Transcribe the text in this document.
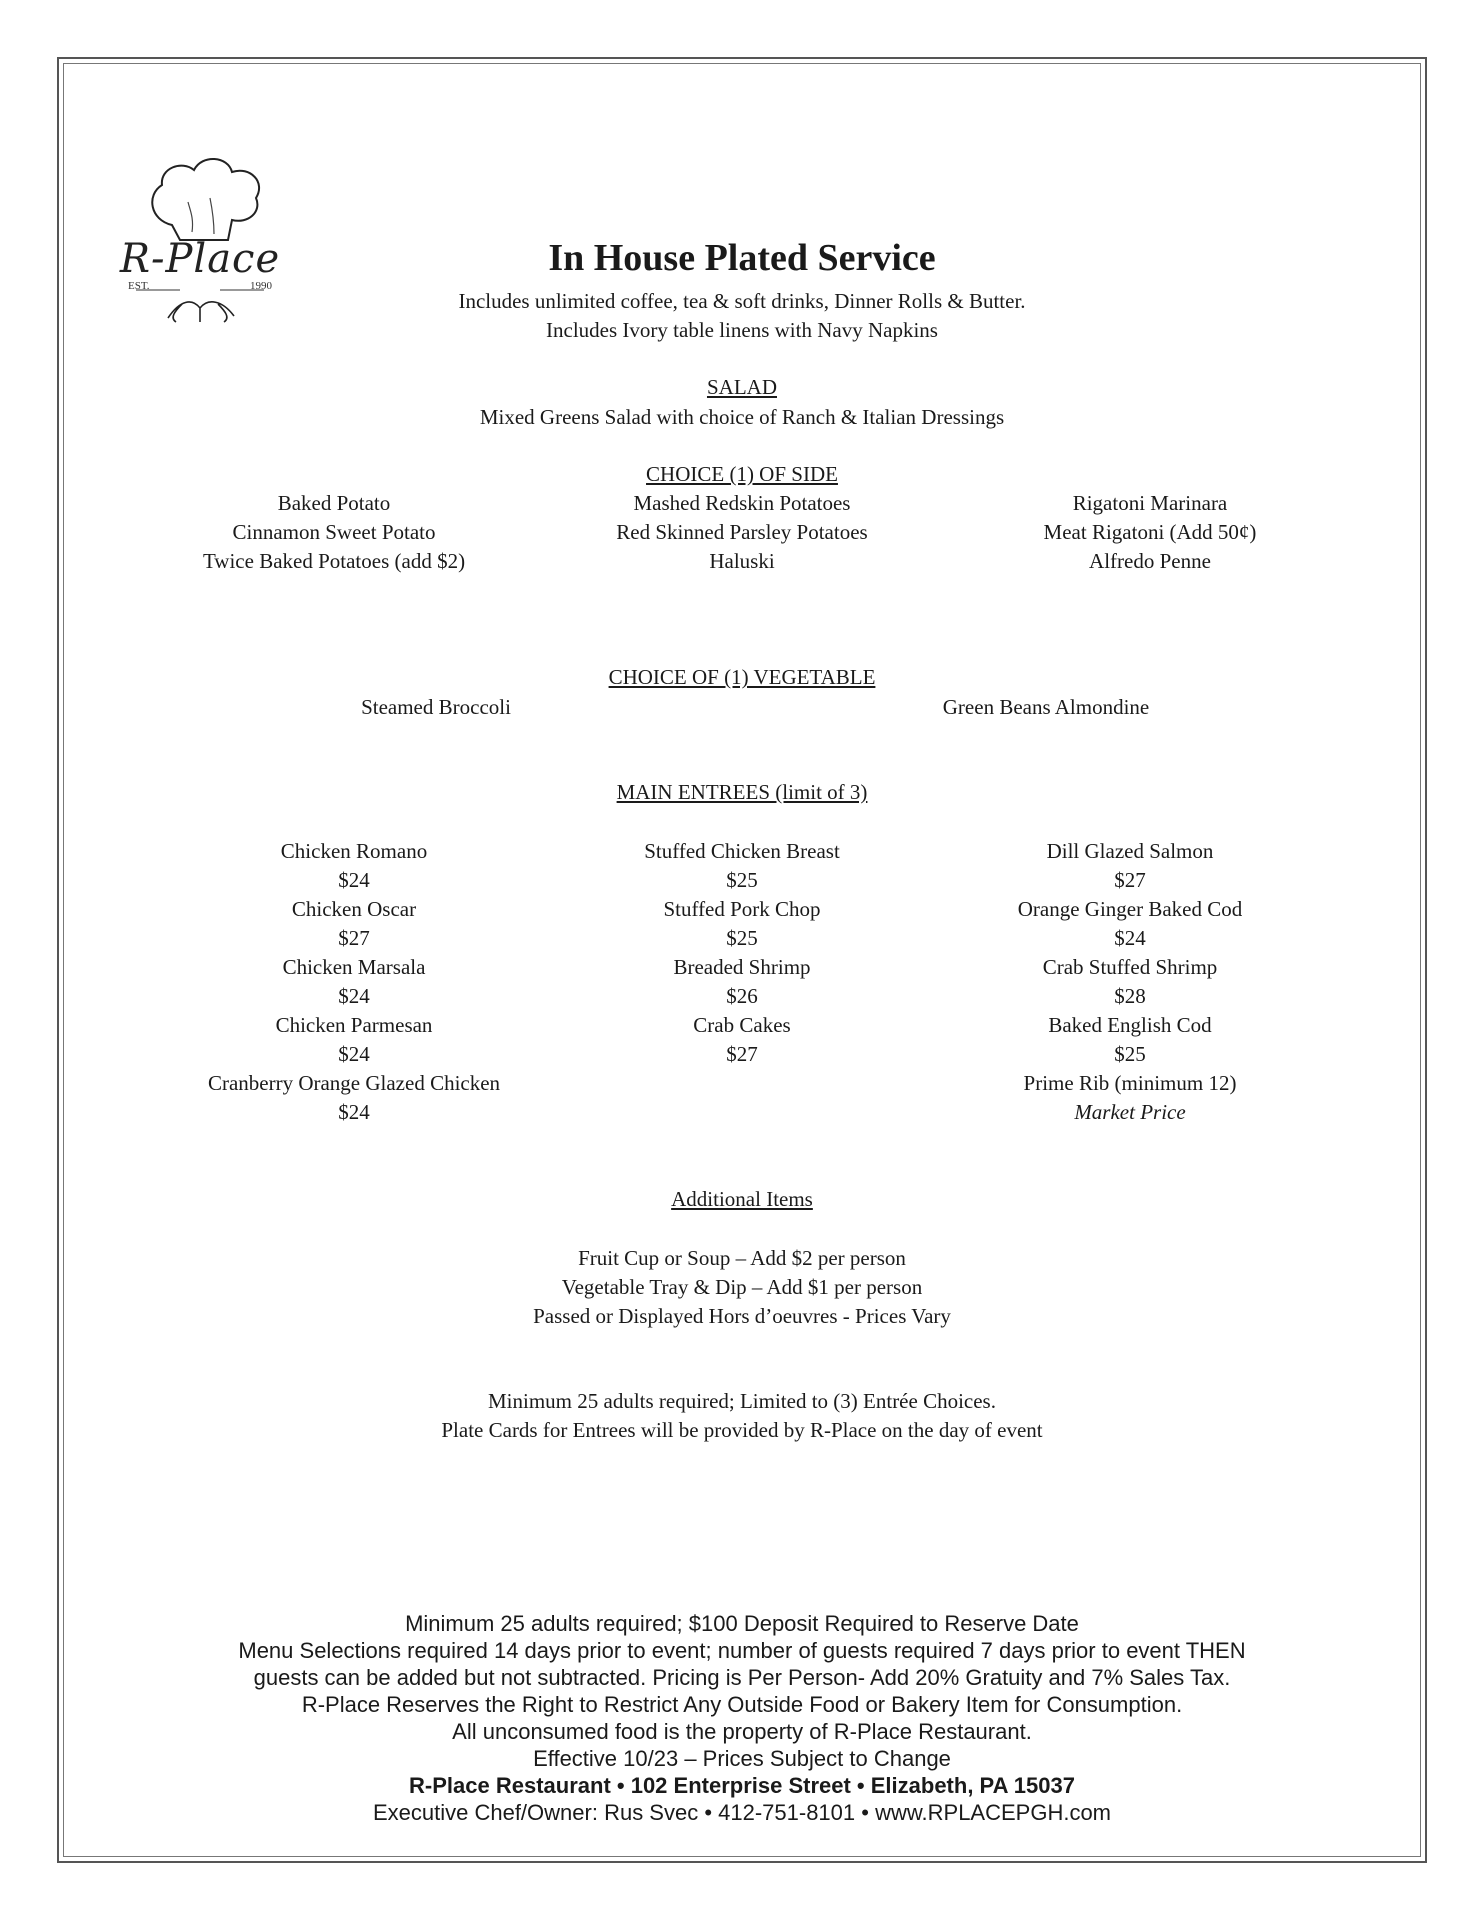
R-Place
EST.	1990
In House Plated Service
Includes unlimited coffee, tea & soft drinks, Dinner Rolls & Butter.
Includes Ivory table linens with Navy Napkins
SALAD
Mixed Greens Salad with choice of Ranch & Italian Dressings
CHOICE (1) OF SIDE
Baked Potato
Cinnamon Sweet Potato
Twice Baked Potatoes (add $2)
Mashed Redskin Potatoes
Red Skinned Parsley Potatoes
Haluski
Rigatoni Marinara
Meat Rigatoni (Add 50¢)
Alfredo Penne
CHOICE OF (1) VEGETABLE
Steamed Broccoli	Green Beans Almondine
MAIN ENTREES (limit of 3)
Chicken Romano
$24
Chicken Oscar
$27
Chicken Marsala
$24
Chicken Parmesan
$24
Cranberry Orange Glazed Chicken
$24
Stuffed Chicken Breast
$25
Stuffed Pork Chop
$25
Breaded Shrimp
$26
Crab Cakes
$27
Dill Glazed Salmon
$27
Orange Ginger Baked Cod
$24
Crab Stuffed Shrimp
$28
Baked English Cod
$25
Prime Rib (minimum 12)
Market Price
Additional Items
Fruit Cup or Soup – Add $2 per person
Vegetable Tray & Dip – Add $1 per person
Passed or Displayed Hors d’oeuvres - Prices Vary
Minimum 25 adults required; Limited to (3) Entrée Choices.
Plate Cards for Entrees will be provided by R-Place on the day of event
Minimum 25 adults required; $100 Deposit Required to Reserve Date
Menu Selections required 14 days prior to event; number of guests required 7 days prior to event THEN
guests can be added but not subtracted. Pricing is Per Person- Add 20% Gratuity and 7% Sales Tax.
R-Place Reserves the Right to Restrict Any Outside Food or Bakery Item for Consumption.
All unconsumed food is the property of R-Place Restaurant.
Effective 10/23 – Prices Subject to Change
R-Place Restaurant • 102 Enterprise Street • Elizabeth, PA 15037
Executive Chef/Owner: Rus Svec • 412-751-8101 • www.RPLACEPGH.com
